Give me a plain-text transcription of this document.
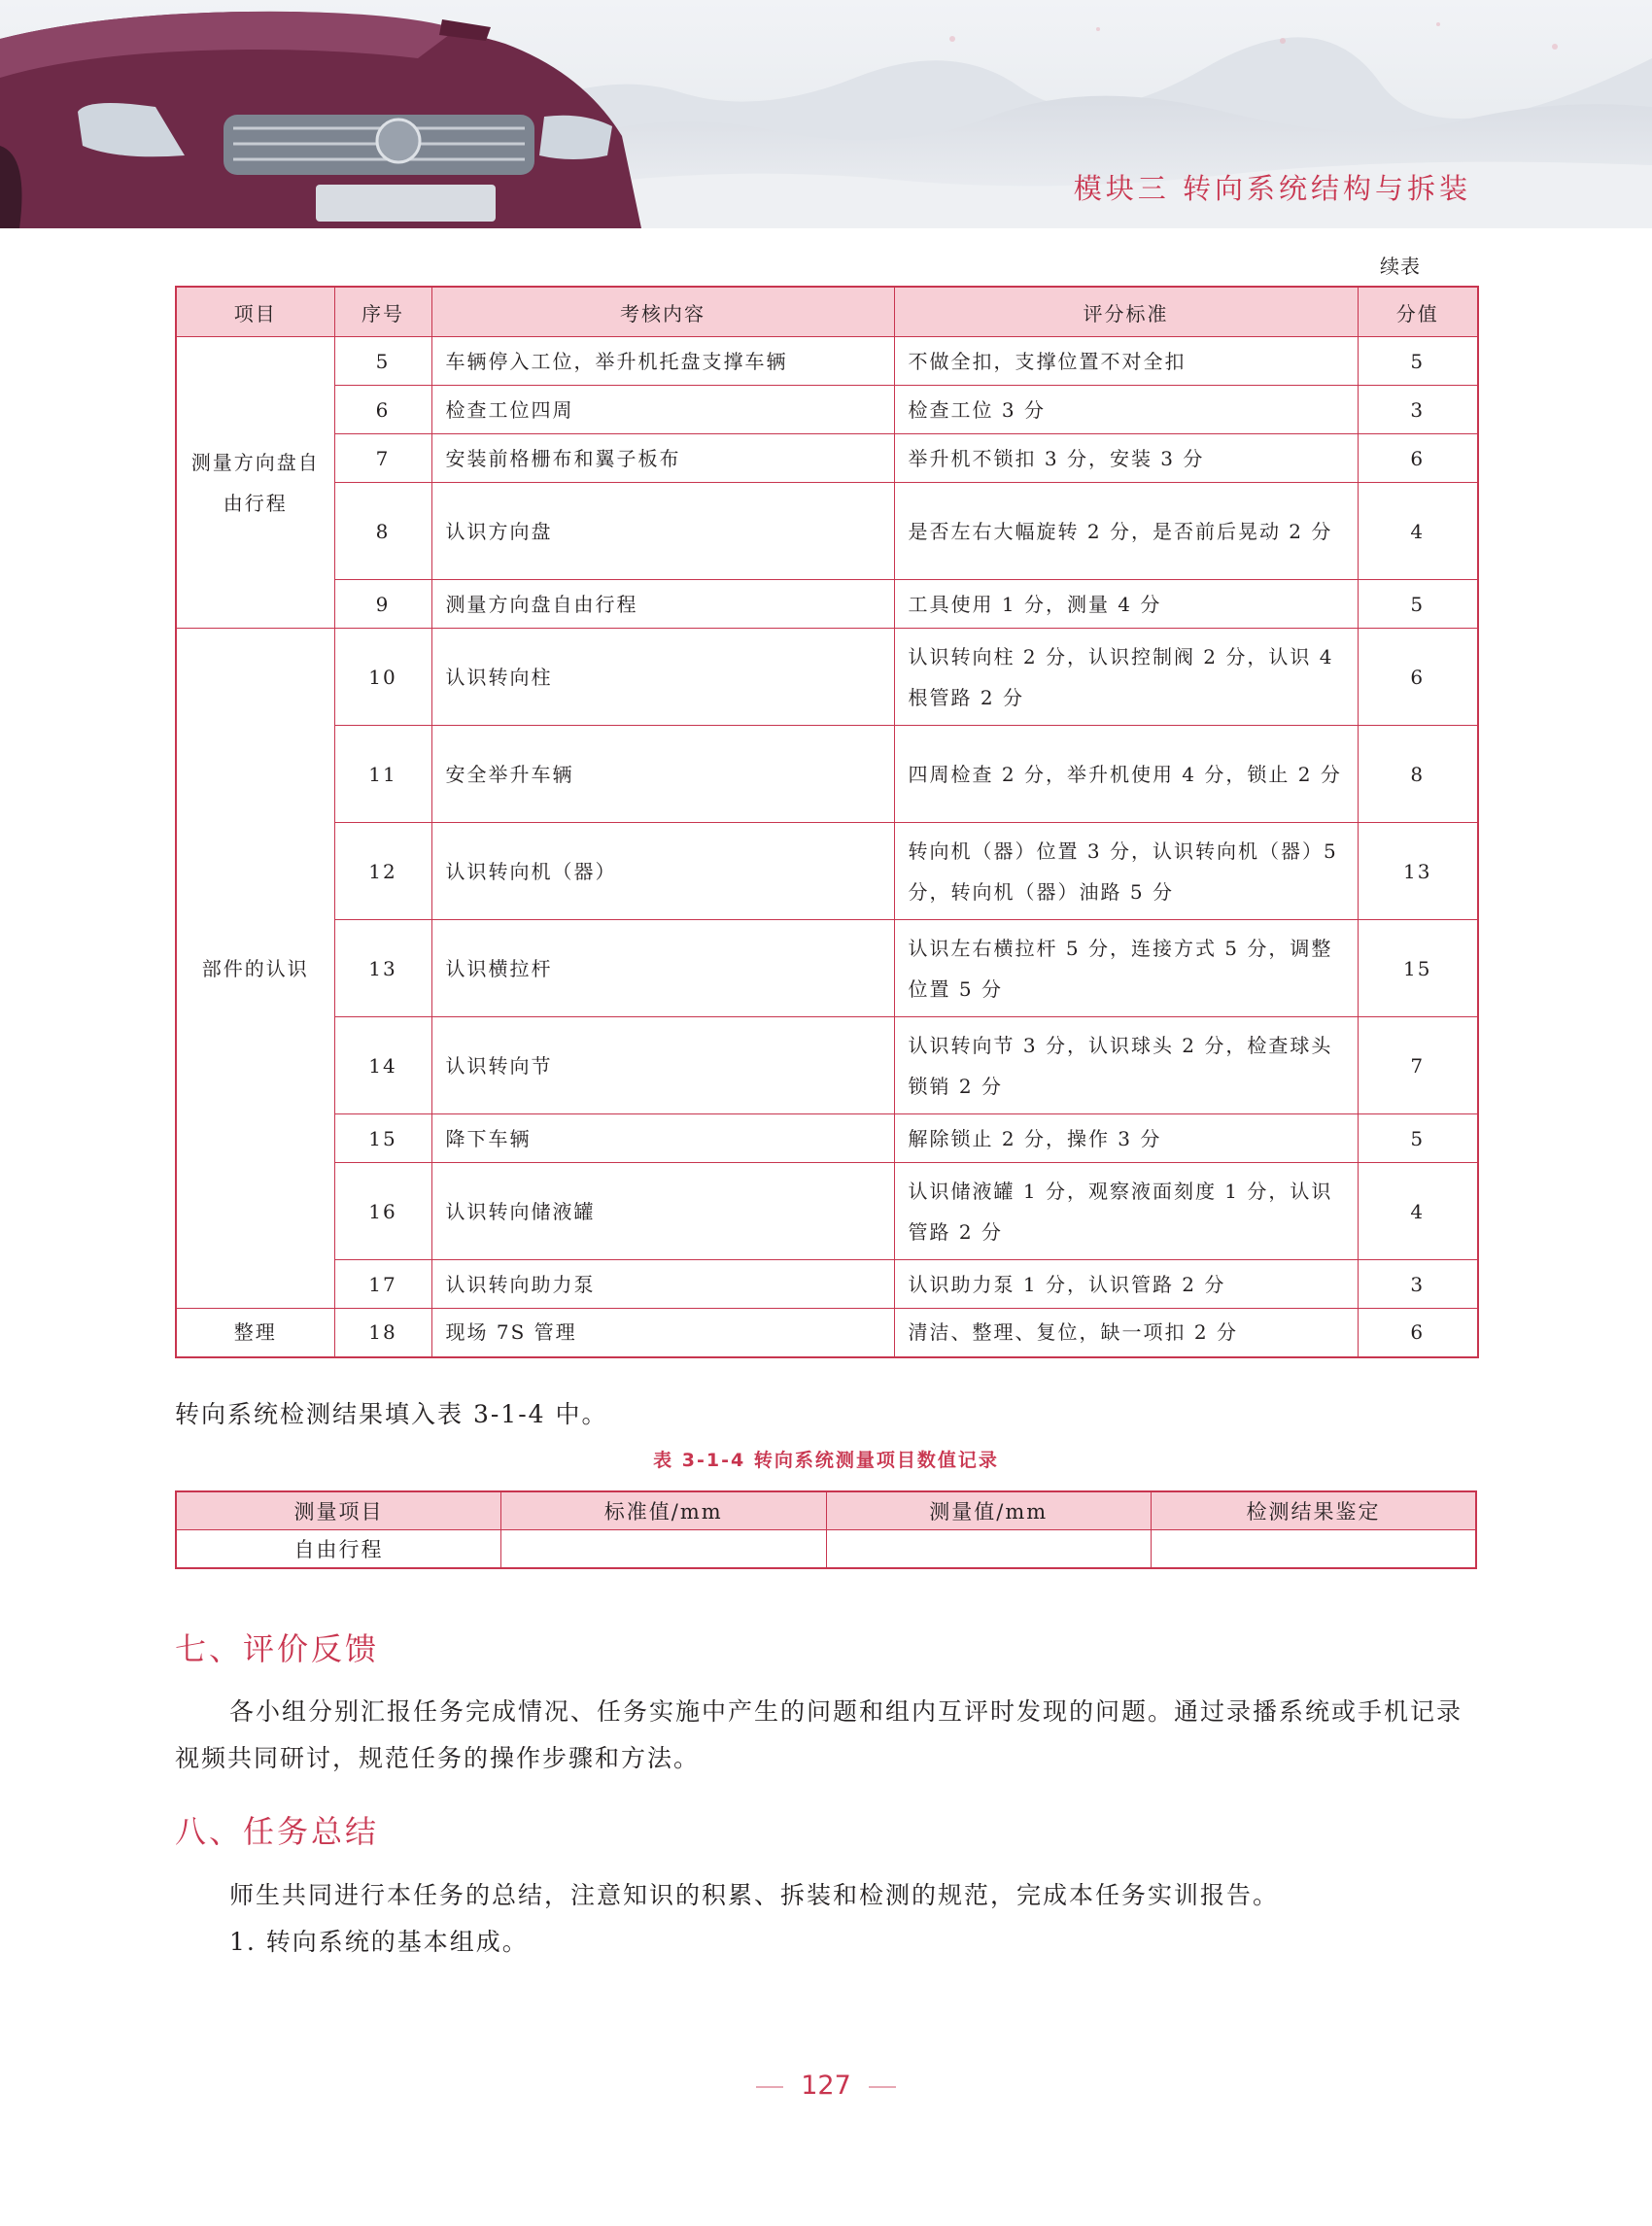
模块三 转向系统结构与拆装
续表
项目	序号	考核内容	评分标准	分值

测量方向盘自由行程	5	车辆停入工位，举升机托盘支撑车辆	不做全扣，支撑位置不对全扣	5
	6	检查工位四周	检查工位 3 分	3
	7	安装前格栅布和翼子板布	举升机不锁扣 3 分，安装 3 分	6
	8	认识方向盘	是否左右大幅旋转 2 分，是否前后晃动 2 分	4
	9	测量方向盘自由行程	工具使用 1 分，测量 4 分	5

部件的认识	10	认识转向柱	认识转向柱 2 分，认识控制阀 2 分，认识 4 根管路 2 分	6
	11	安全举升车辆	四周检查 2 分，举升机使用 4 分，锁止 2 分	8
	12	认识转向机（器）	转向机（器）位置 3 分，认识转向机（器）5 分，转向机（器）油路 5 分	13
	13	认识横拉杆	认识左右横拉杆 5 分，连接方式 5 分，调整位置 5 分	15
	14	认识转向节	认识转向节 3 分，认识球头 2 分，检查球头锁销 2 分	7
	15	降下车辆	解除锁止 2 分，操作 3 分	5
	16	认识转向储液罐	认识储液罐 1 分，观察液面刻度 1 分，认识管路 2 分	4
	17	认识转向助力泵	认识助力泵 1 分，认识管路 2 分	3

整理	18	现场 7S 管理	清洁、整理、复位，缺一项扣 2 分	6
转向系统检测结果填入表 3-1-4 中。
表 3-1-4 转向系统测量项目数值记录
测量项目	标准值/mm	测量值/mm	检测结果鉴定
自由行程			
七、评价反馈
各小组分别汇报任务完成情况、任务实施中产生的问题和组内互评时发现的问题。通过录播系统或手机记录视频共同研讨，规范任务的操作步骤和方法。
八、任务总结
师生共同进行本任务的总结，注意知识的积累、拆装和检测的规范，完成本任务实训报告。
1. 转向系统的基本组成。
127
